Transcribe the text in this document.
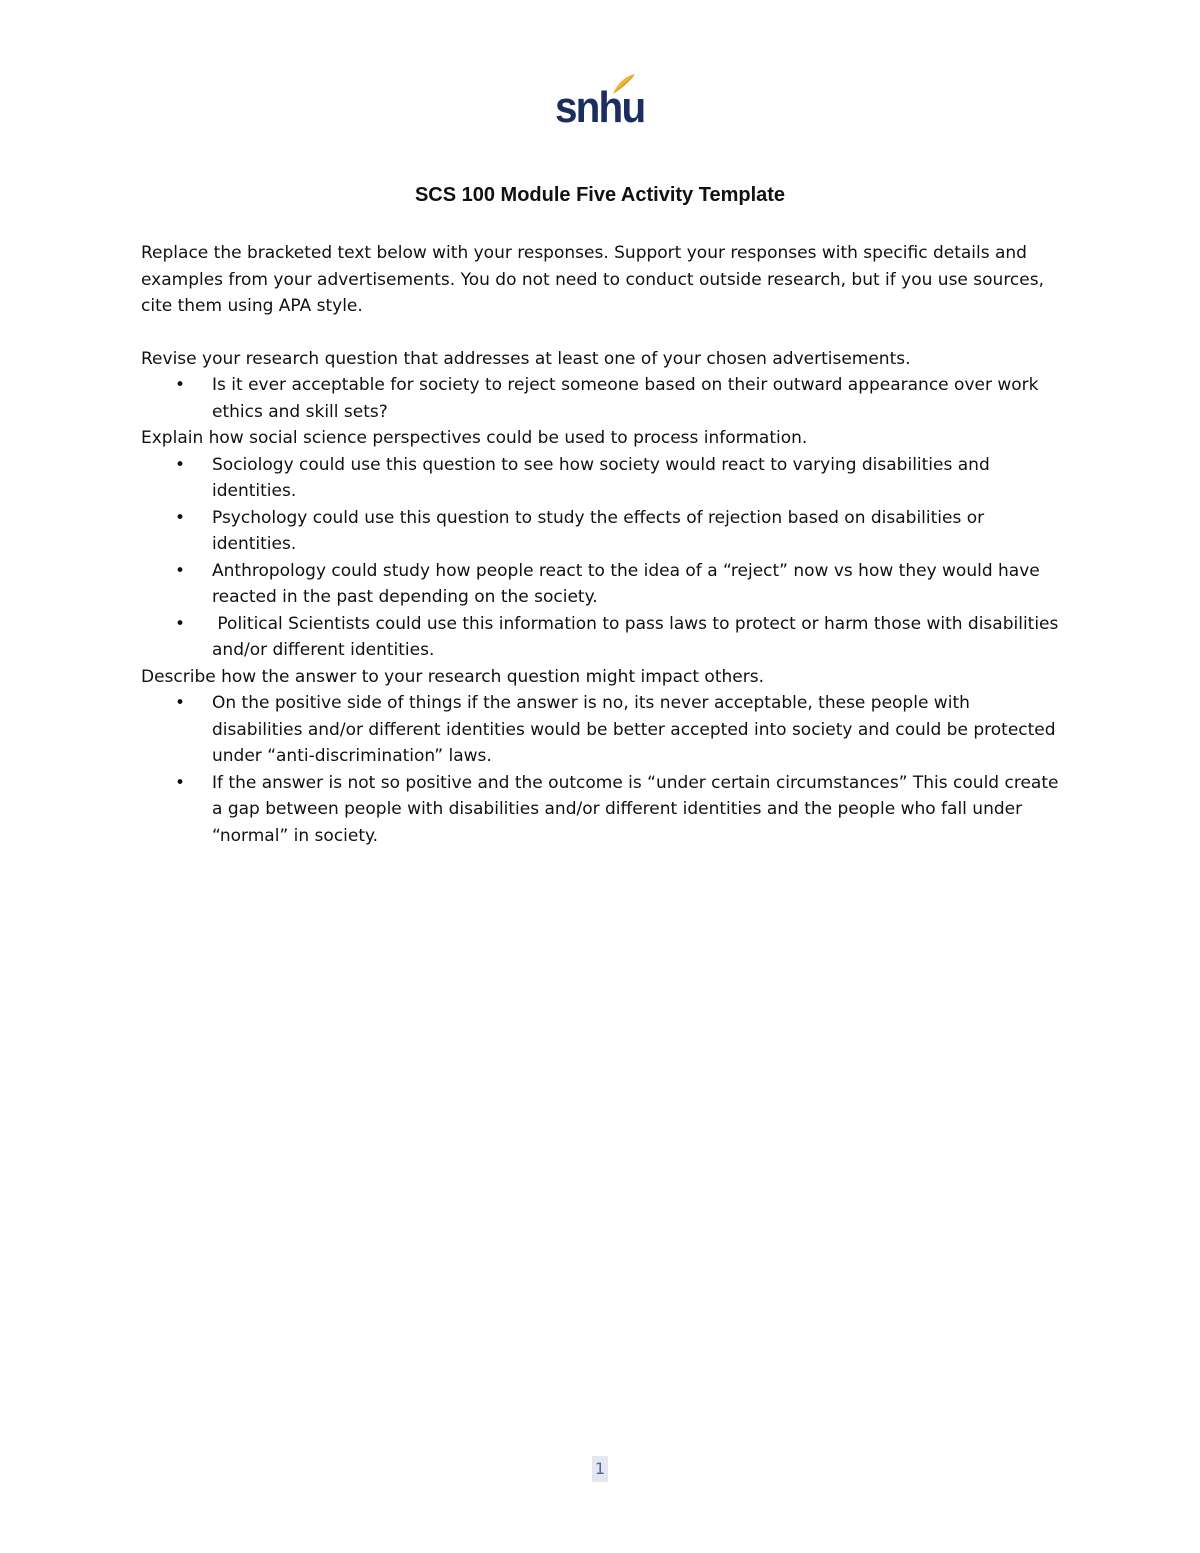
snhu
SCS 100 Module Five Activity Template

Replace the bracketed text below with your responses. Support your responses with specific details and examples from your advertisements. You do not need to conduct outside research, but if you use sources, cite them using APA style.

Revise your research question that addresses at least one of your chosen advertisements.

• Is it ever acceptable for society to reject someone based on their outward appearance over work ethics and skill sets?

Explain how social science perspectives could be used to process information.

• Sociology could use this question to see how society would react to varying disabilities and identities.
• Psychology could use this question to study the effects of rejection based on disabilities or identities.
• Anthropology could study how people react to the idea of a “reject” now vs how they would have reacted in the past depending on the society.
• Political Scientists could use this information to pass laws to protect or harm those with disabilities and/or different identities.

Describe how the answer to your research question might impact others.

• On the positive side of things if the answer is no, its never acceptable, these people with disabilities and/or different identities would be better accepted into society and could be protected under “anti-discrimination” laws.
• If the answer is not so positive and the outcome is “under certain circumstances” This could create a gap between people with disabilities and/or different identities and the people who fall under “normal” in society.
1
